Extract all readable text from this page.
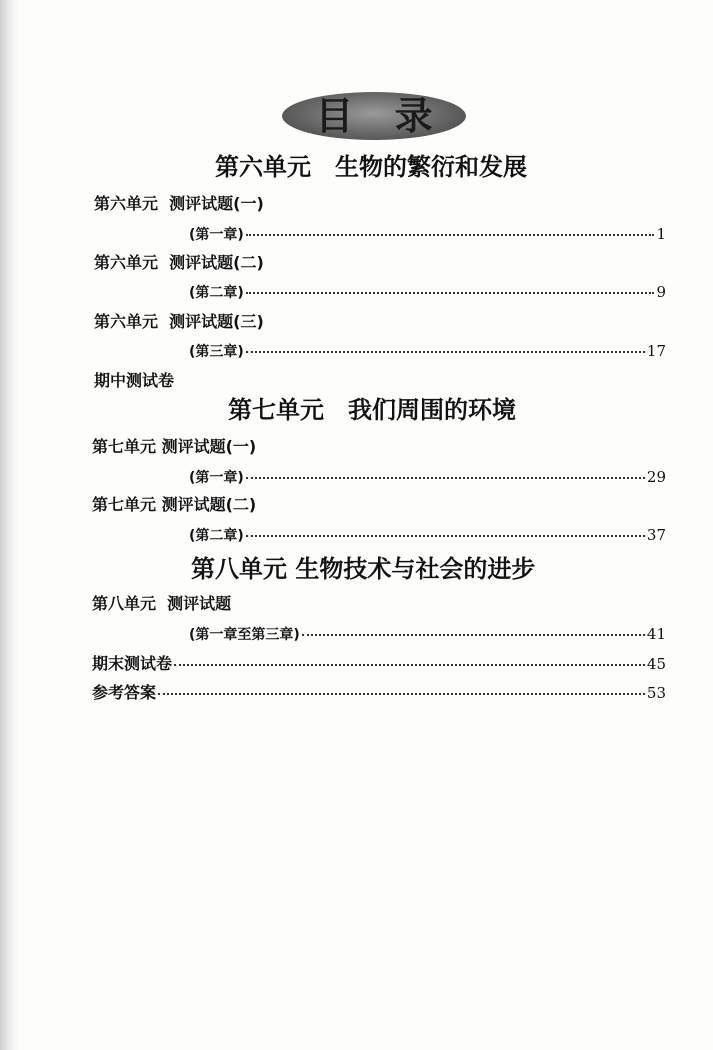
目 录
第六单元　生物的繁衍和发展
第六单元  测评试题(一)
(第一章)	1
第六单元  测评试题(二)
(第二章)	9
第六单元  测评试题(三)
(第三章)	17
期中测试卷
第七单元　我们周围的环境
第七单元 测评试题(一)
(第一章)	29
第七单元 测评试题(二)
(第二章)	37
第八单元 生物技术与社会的进步
第八单元  测评试题
(第一章至第三章)	41
期末测试卷	45
参考答案	53
